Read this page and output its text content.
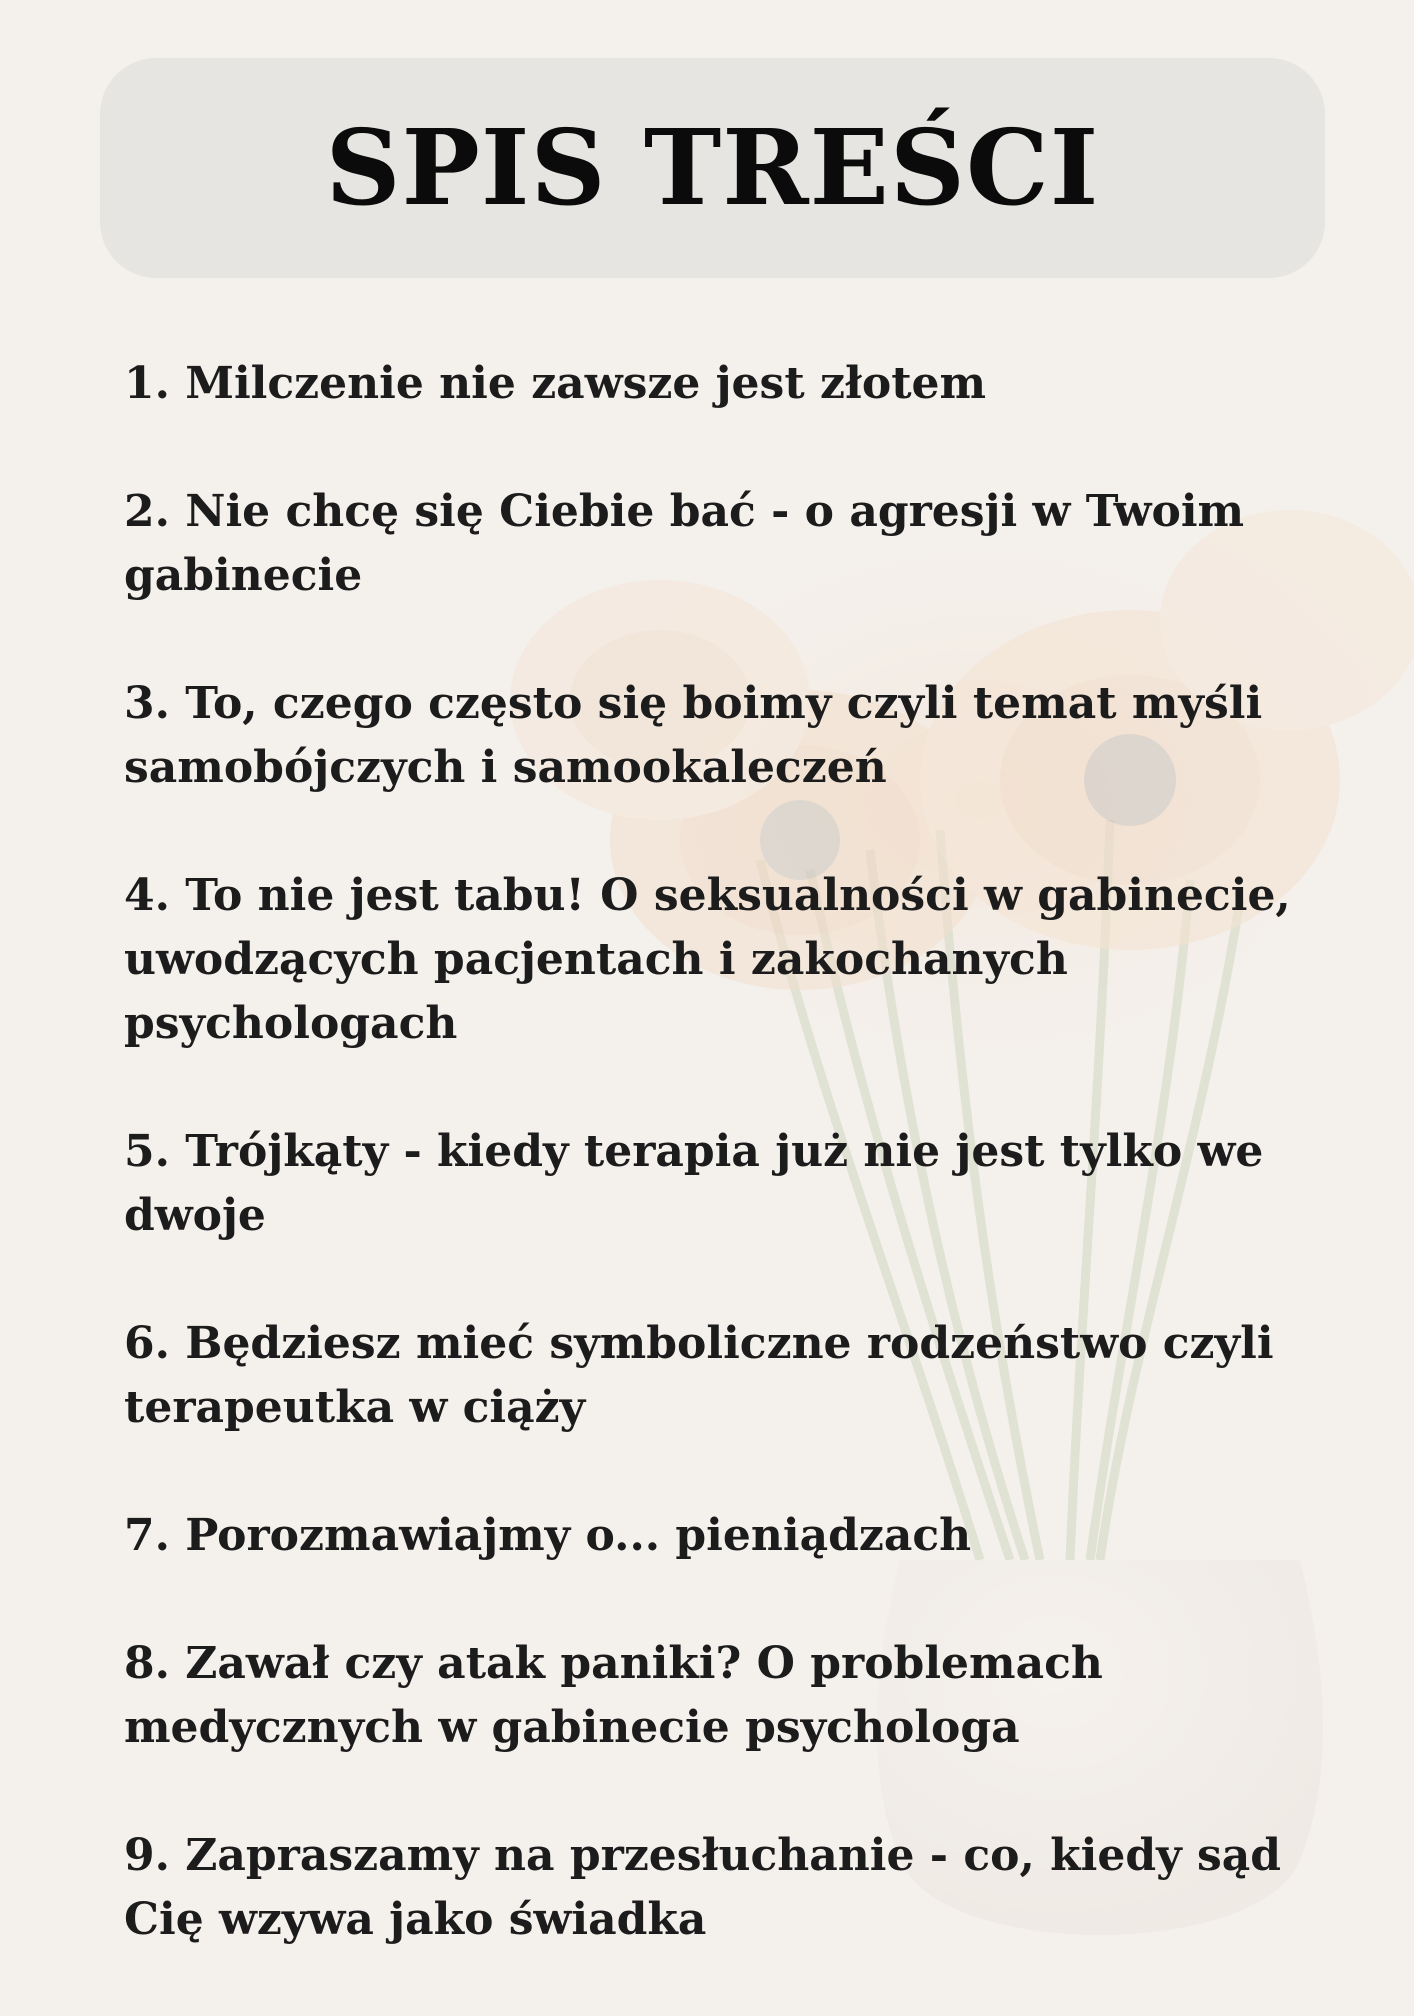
SPIS TREŚCI
1. Milczenie nie zawsze jest złotem
2. Nie chcę się Ciebie bać - o agresji w Twoim gabinecie
3. To, czego często się boimy czyli temat myśli samobójczych i samookaleczeń
4. To nie jest tabu! O seksualności w gabinecie, uwodzących pacjentach i zakochanych psychologach
5. Trójkąty - kiedy terapia już nie jest tylko we dwoje
6. Będziesz mieć symboliczne rodzeństwo czyli terapeutka w ciąży
7. Porozmawiajmy o... pieniądzach
8. Zawał czy atak paniki? O problemach medycznych w gabinecie psychologa
9. Zapraszamy na przesłuchanie - co, kiedy sąd Cię wzywa jako świadka
